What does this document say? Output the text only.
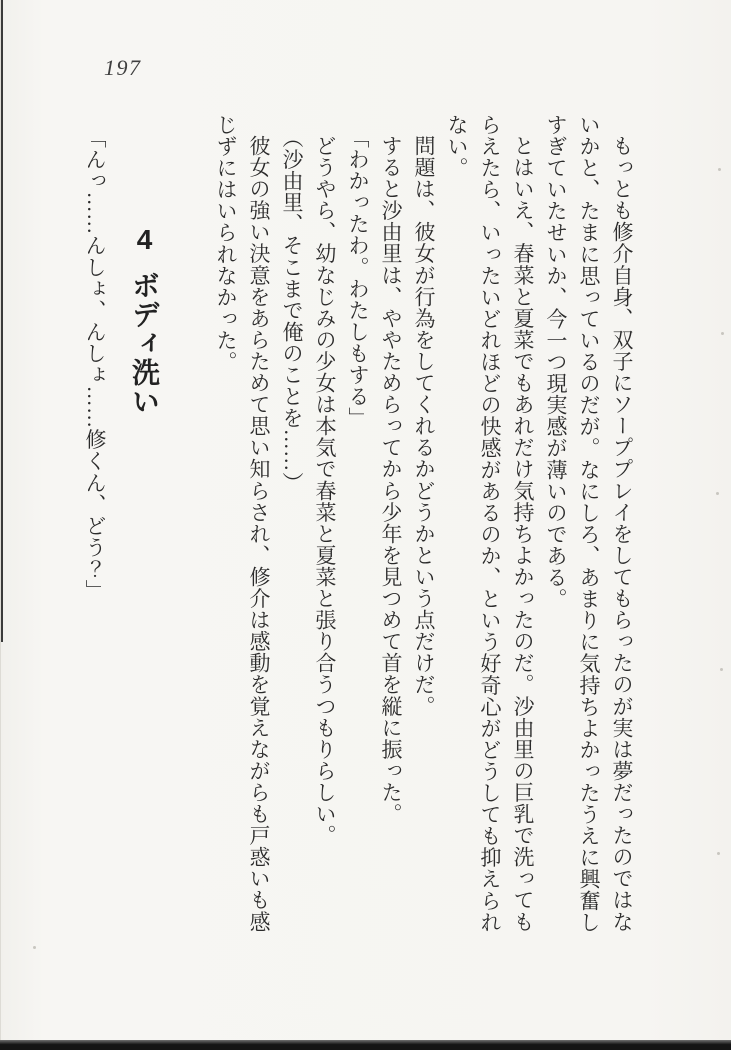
197

もっとも修介自身、双子にソーププレイをしてもらったのが実は夢だったのではないかと、たまに思っているのだが。なにしろ、あまりに気持ちよかったうえに興奮しすぎていたせいか、今一つ現実感が薄いのである。

とはいえ、春菜と夏菜でもあれだけ気持ちよかったのだ。沙由里の巨乳で洗ってもらえたら、いったいどれほどの快感があるのか、という好奇心がどうしても抑えられない。

問題は、彼女が行為をしてくれるかどうかという点だけだ。

すると沙由里は、ややためらってから少年を見つめて首を縦に振った。

「わかったわ。わたしもする」

どうやら、幼なじみの少女は本気で春菜と夏菜と張り合うつもりらしい。

（沙由里、そこまで俺のことを……）

彼女の強い決意をあらためて思い知らされ、修介は感動を覚えながらも戸惑いも感じずにはいられなかった。

4ボディ洗い

「んっ……んしょ、んしょ……修くん、どう？」
